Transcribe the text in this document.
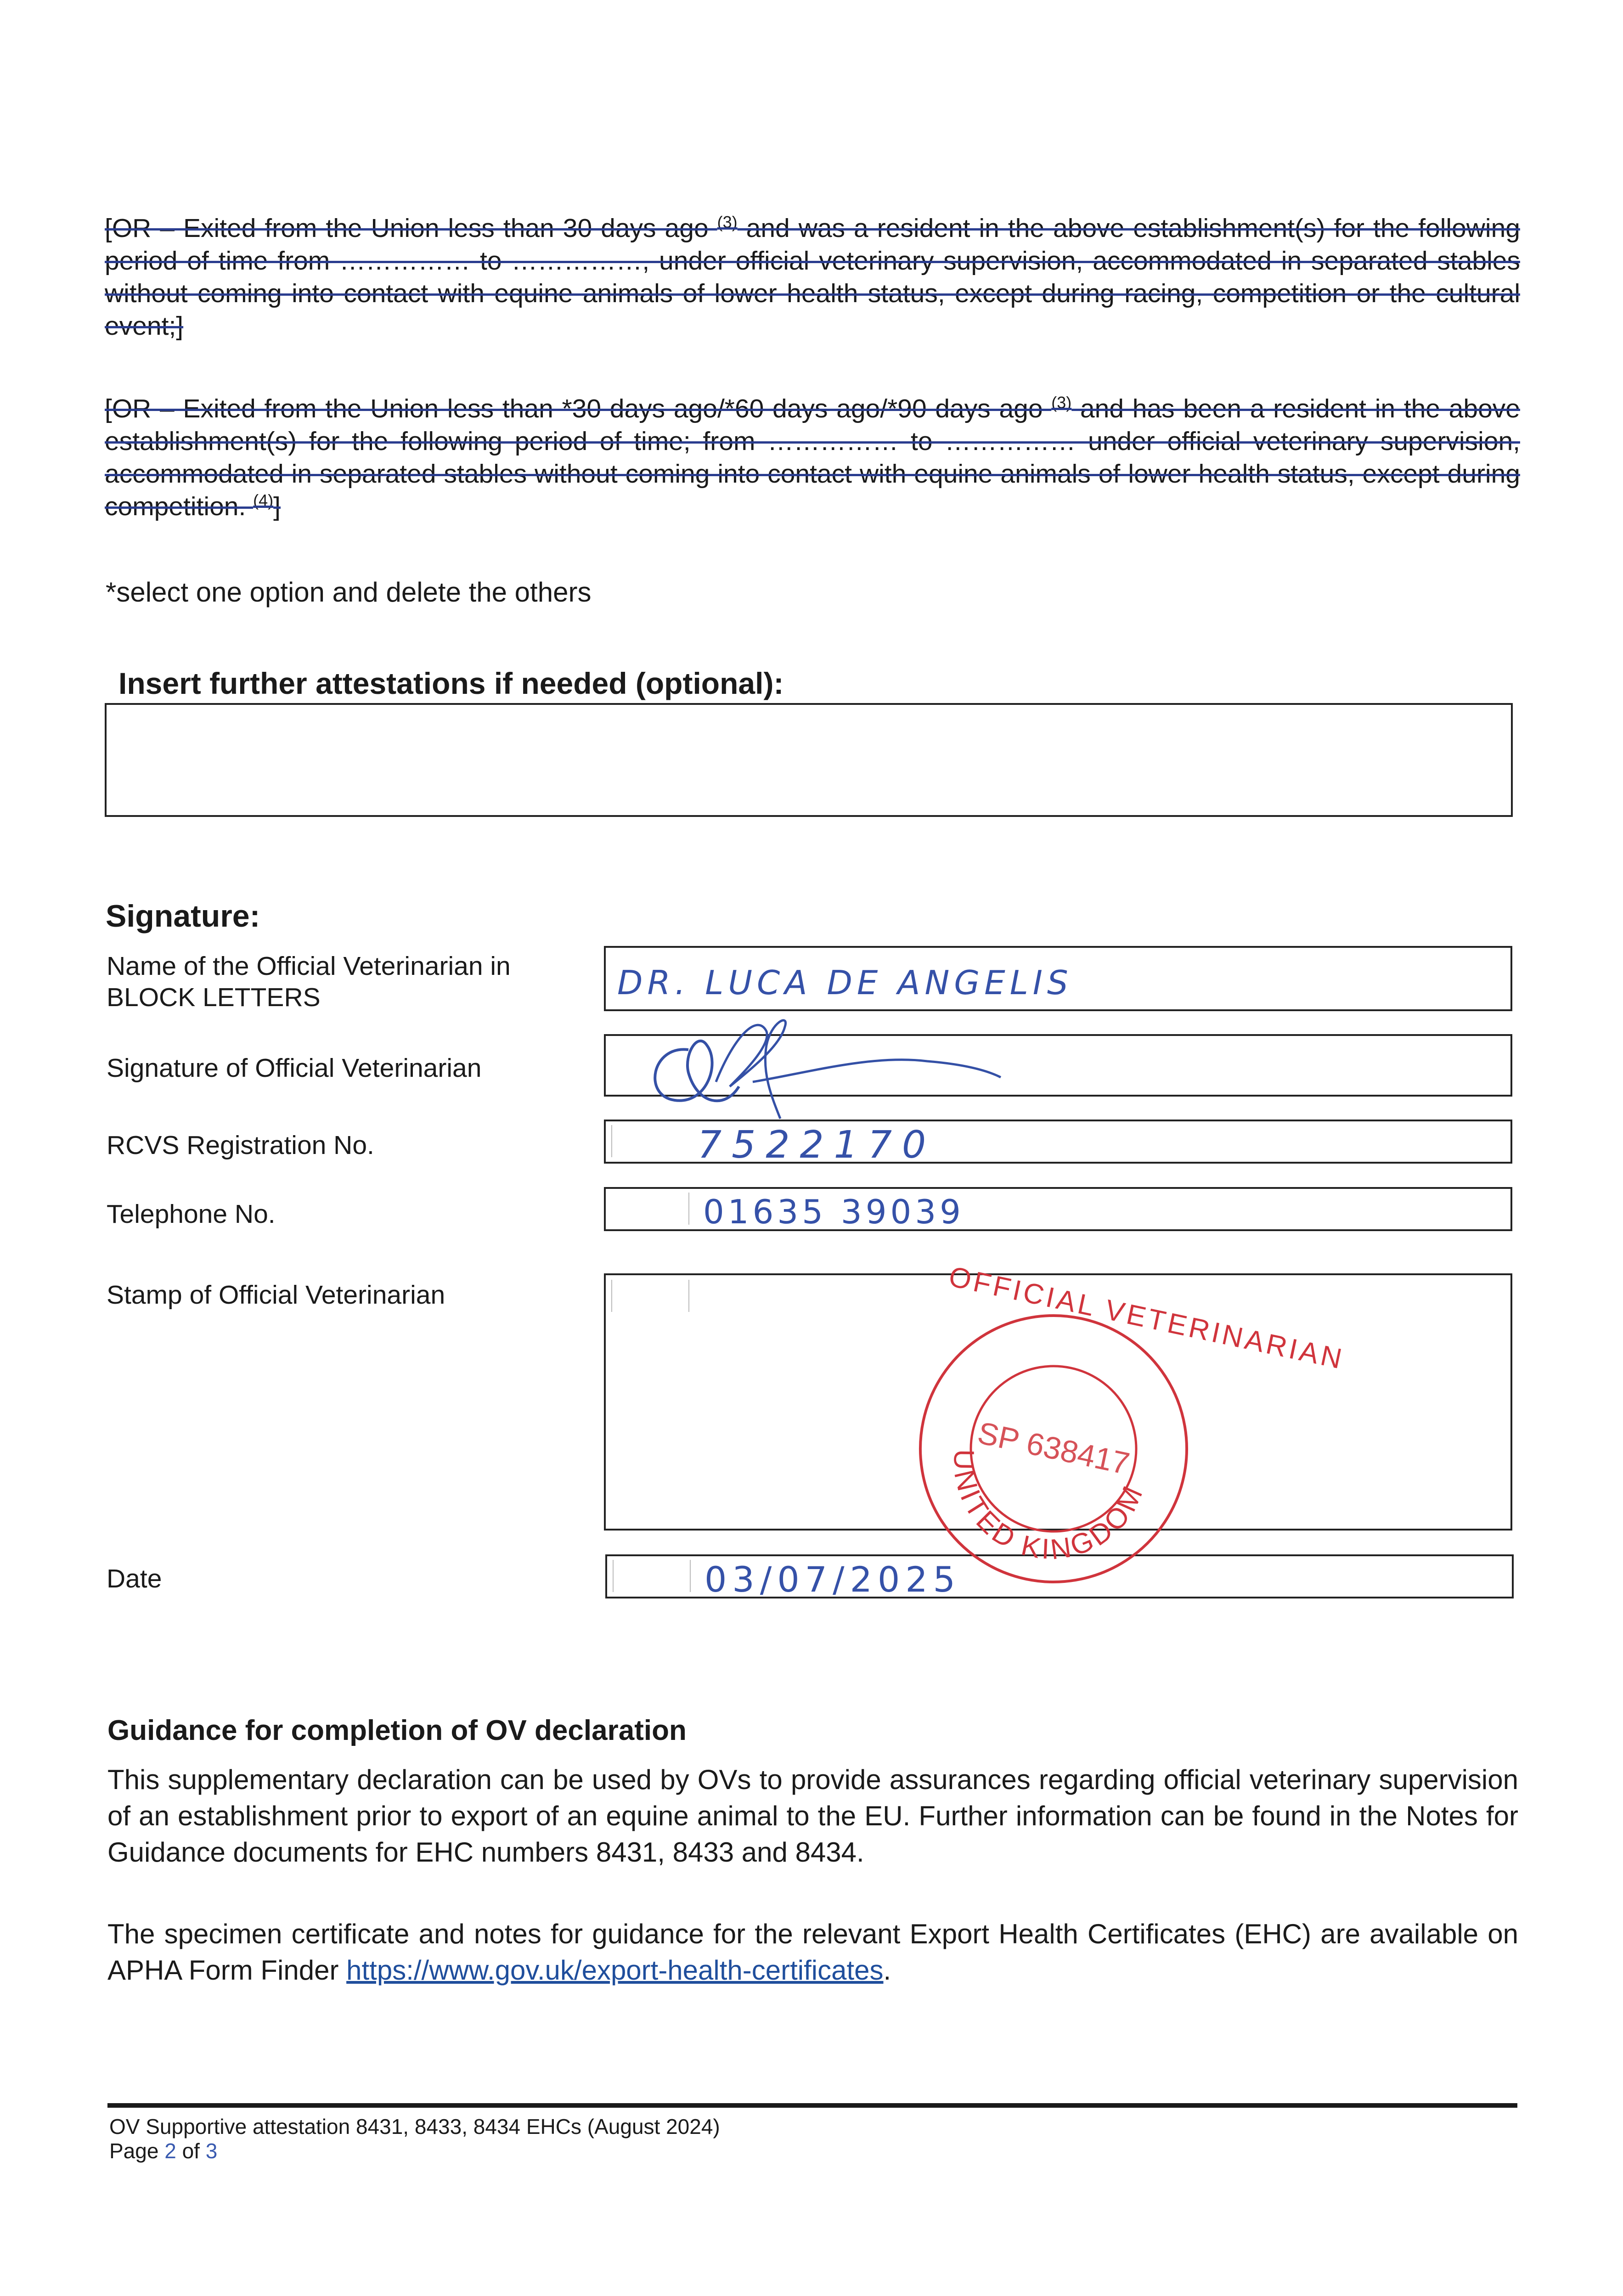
[OR – Exited from the Union less than 30 days ago $^{(3)}$ and was a resident in the above establishment(s) for the following period of time from …………… to ……………, under official veterinary supervision, accommodated in separated stables without coming into contact with equine animals of lower health status, except during racing, competition or the cultural event;]
[OR – Exited from the Union less than *30 days ago/*60 days ago/*90 days ago $^{(3)}$ and has been a resident in the above establishment(s) for the following period of time; from …………… to …………… under official veterinary supervision, accommodated in separated stables without coming into contact with equine animals of lower health status, except during competition. $^{(4)}$]
*select one option and delete the others
Insert further attestations if needed (optional):
Signature:
Name of the Official Veterinarian in
BLOCK LETTERS	DR. LUCA DE ANGELIS
Signature of Official Veterinarian
RCVS Registration No.	7522170
Telephone No.	01635 39039
Stamp of Official Veterinarian
Date	03/07/2025
OFFICIAL VETERINARIAN
UNITED KINGDOM
SP 638417
Guidance for completion of OV declaration
This supplementary declaration can be used by OVs to provide assurances regarding official veterinary supervision of an establishment prior to export of an equine animal to the EU. Further information can be found in the Notes for Guidance documents for EHC numbers 8431, 8433 and 8434.
The specimen certificate and notes for guidance for the relevant Export Health Certificates (EHC) are available on APHA Form Finder https://www.gov.uk/export-health-certificates.
OV Supportive attestation 8431, 8433, 8434 EHCs (August 2024)
Page 2 of 3
